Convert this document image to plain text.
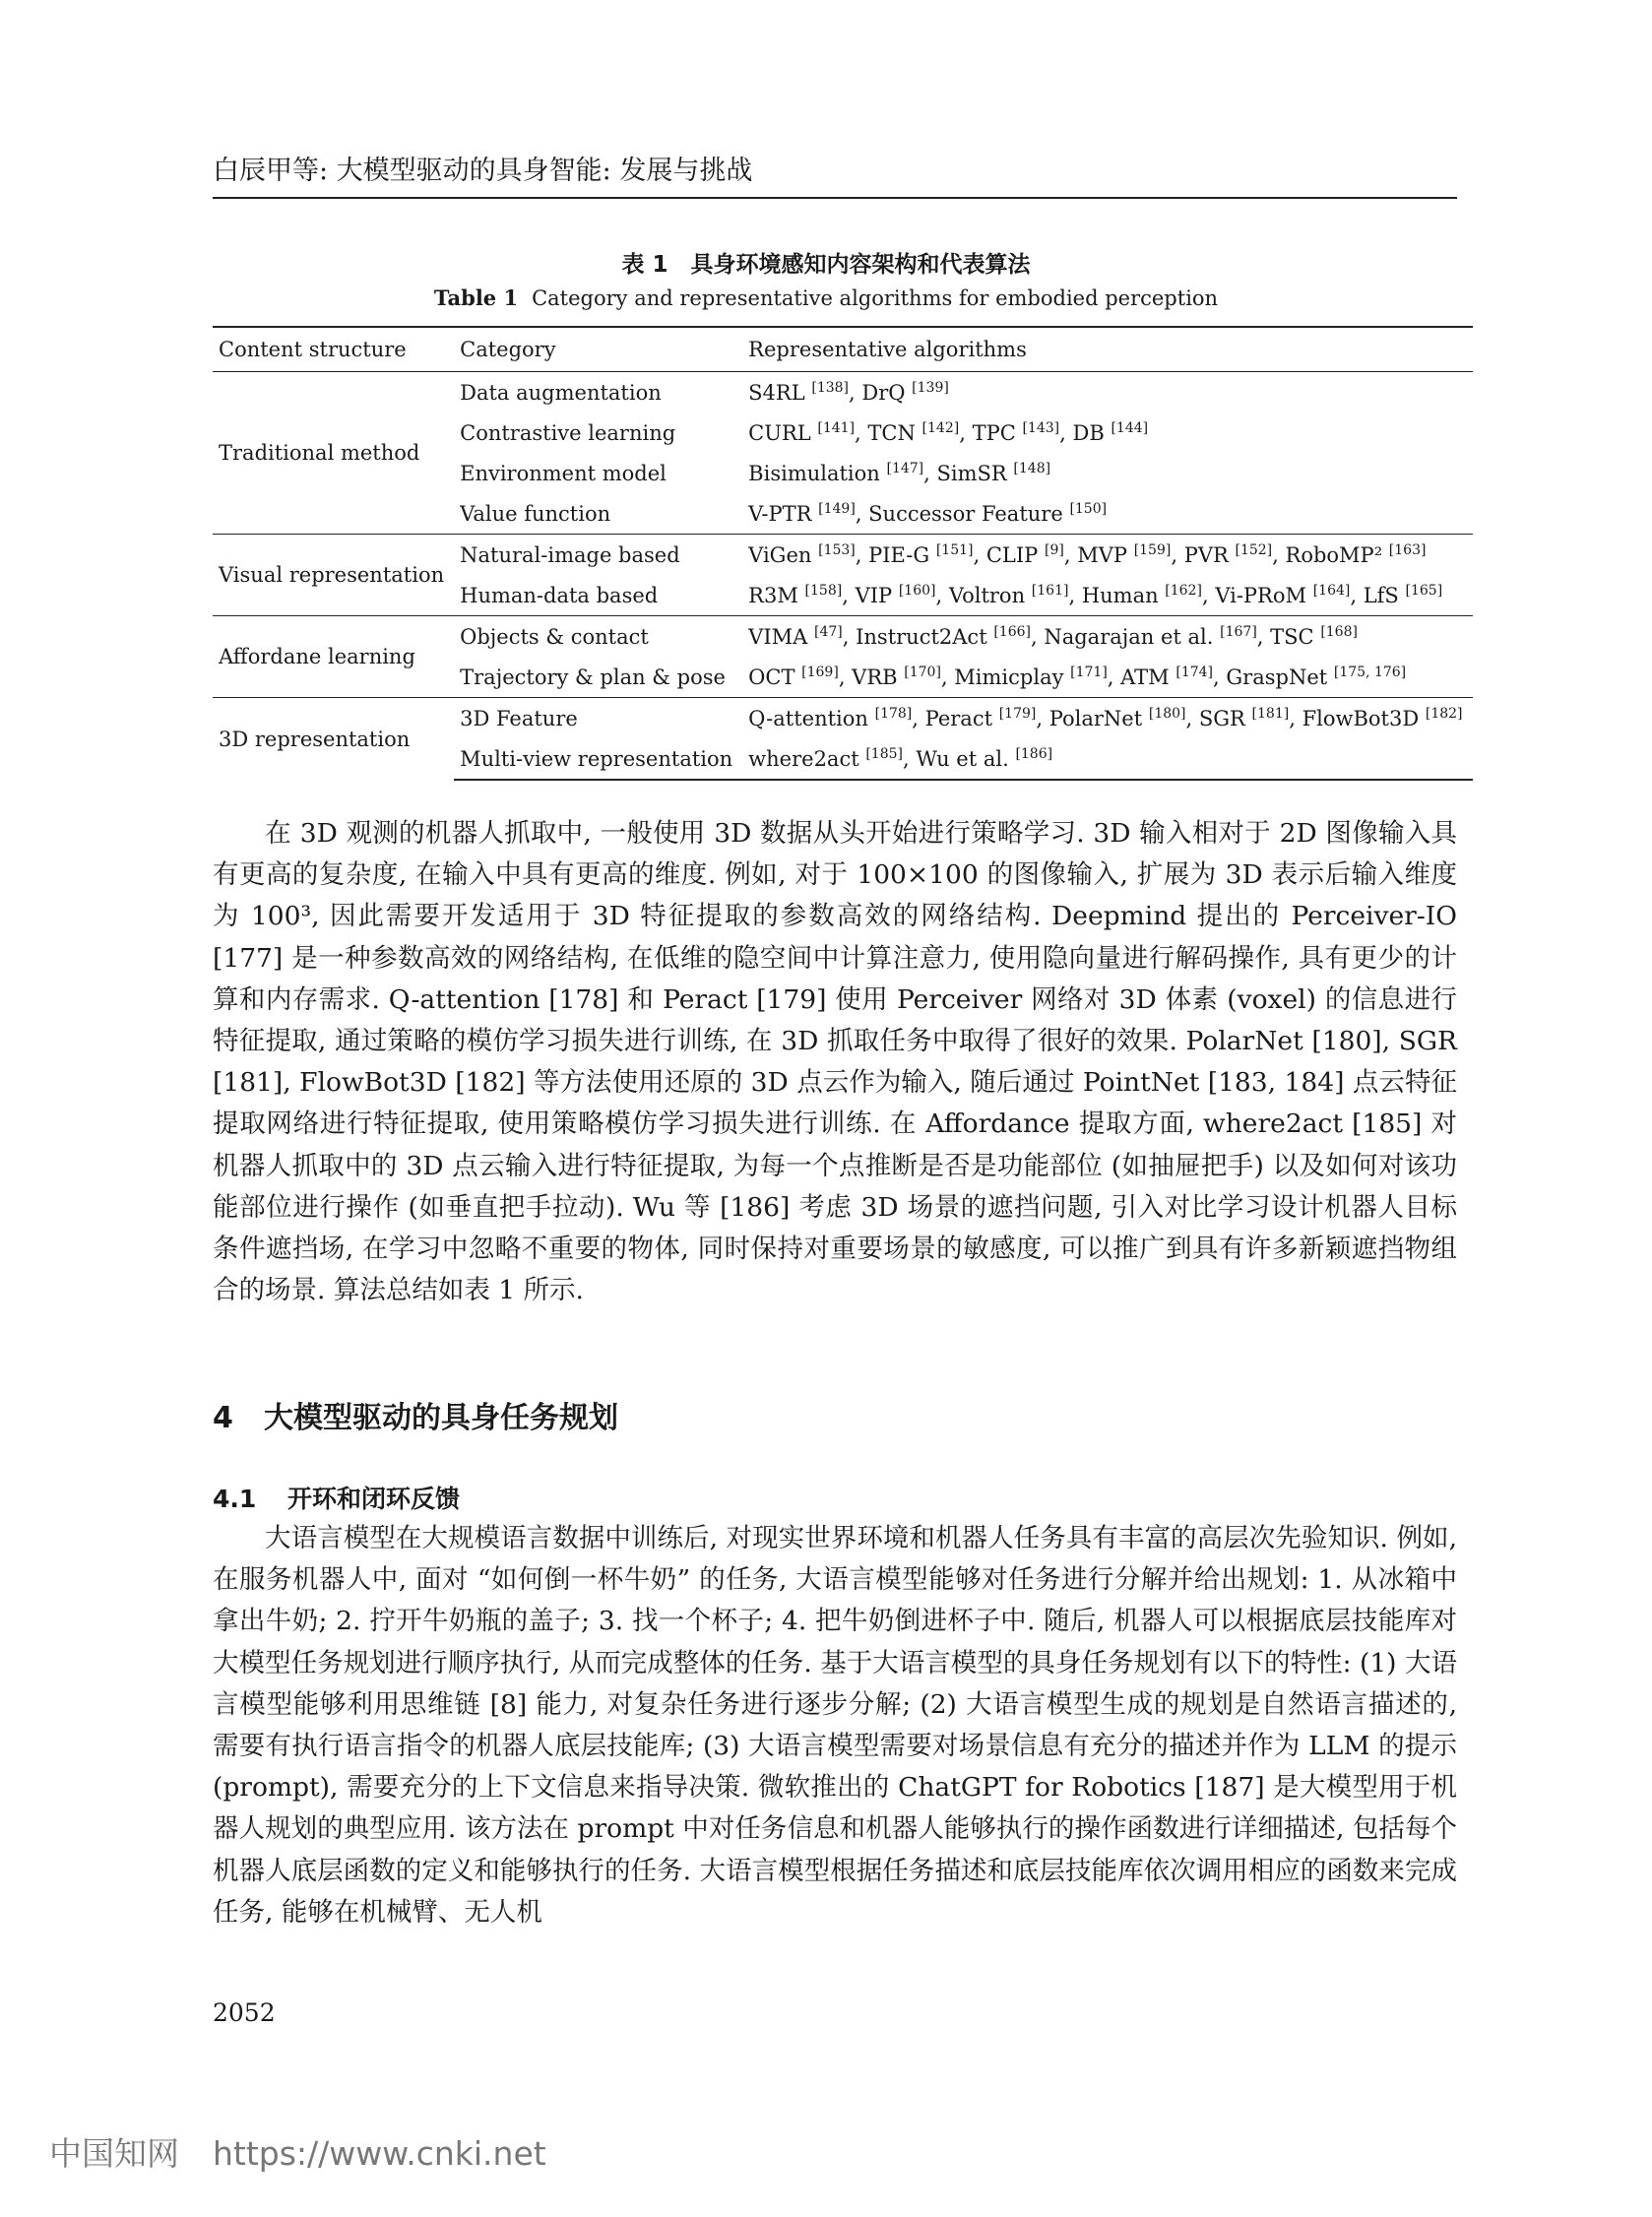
白辰甲等: 大模型驱动的具身智能: 发展与挑战
表 1　具身环境感知内容架构和代表算法
Table 1 Category and representative algorithms for embodied perception
Content structure	Category	Representative algorithms
Traditional method	Data augmentation	S4RL [138], DrQ [139]
	Contrastive learning	CURL [141], TCN [142], TPC [143], DB [144]
	Environment model	Bisimulation [147], SimSR [148]
	Value function	V-PTR [149], Successor Feature [150]
Visual representation	Natural-image based	ViGen [153], PIE-G [151], CLIP [9], MVP [159], PVR [152], RoboMP² [163]
	Human-data based	R3M [158], VIP [160], Voltron [161], Human [162], Vi-PRoM [164], LfS [165]
Affordane learning	Objects & contact	VIMA [47], Instruct2Act [166], Nagarajan et al. [167], TSC [168]
	Trajectory & plan & pose	OCT [169], VRB [170], Mimicplay [171], ATM [174], GraspNet [175, 176]
3D representation	3D Feature	Q-attention [178], Peract [179], PolarNet [180], SGR [181], FlowBot3D [182]
	Multi-view representation	where2act [185], Wu et al. [186]
在 3D 观测的机器人抓取中, 一般使用 3D 数据从头开始进行策略学习. 3D 输入相对于 2D 图像输入具有更高的复杂度, 在输入中具有更高的维度. 例如, 对于 100×100 的图像输入, 扩展为 3D 表示后输入维度为 100³, 因此需要开发适用于 3D 特征提取的参数高效的网络结构. Deepmind 提出的 Perceiver-IO [177] 是一种参数高效的网络结构, 在低维的隐空间中计算注意力, 使用隐向量进行解码操作, 具有更少的计算和内存需求. Q-attention [178] 和 Peract [179] 使用 Perceiver 网络对 3D 体素 (voxel) 的信息进行特征提取, 通过策略的模仿学习损失进行训练, 在 3D 抓取任务中取得了很好的效果. PolarNet [180], SGR [181], FlowBot3D [182] 等方法使用还原的 3D 点云作为输入, 随后通过 PointNet [183, 184] 点云特征提取网络进行特征提取, 使用策略模仿学习损失进行训练. 在 Affordance 提取方面, where2act [185] 对机器人抓取中的 3D 点云输入进行特征提取, 为每一个点推断是否是功能部位 (如抽屉把手) 以及如何对该功能部位进行操作 (如垂直把手拉动). Wu 等 [186] 考虑 3D 场景的遮挡问题, 引入对比学习设计机器人目标条件遮挡场, 在学习中忽略不重要的物体, 同时保持对重要场景的敏感度, 可以推广到具有许多新颖遮挡物组合的场景. 算法总结如表 1 所示.
4 大模型驱动的具身任务规划
4.1 开环和闭环反馈
大语言模型在大规模语言数据中训练后, 对现实世界环境和机器人任务具有丰富的高层次先验知识. 例如, 在服务机器人中, 面对 “如何倒一杯牛奶” 的任务, 大语言模型能够对任务进行分解并给出规划: 1. 从冰箱中拿出牛奶; 2. 拧开牛奶瓶的盖子; 3. 找一个杯子; 4. 把牛奶倒进杯子中. 随后, 机器人可以根据底层技能库对大模型任务规划进行顺序执行, 从而完成整体的任务. 基于大语言模型的具身任务规划有以下的特性: (1) 大语言模型能够利用思维链 [8] 能力, 对复杂任务进行逐步分解; (2) 大语言模型生成的规划是自然语言描述的, 需要有执行语言指令的机器人底层技能库; (3) 大语言模型需要对场景信息有充分的描述并作为 LLM 的提示 (prompt), 需要充分的上下文信息来指导决策. 微软推出的 ChatGPT for Robotics [187] 是大模型用于机器人规划的典型应用. 该方法在 prompt 中对任务信息和机器人能够执行的操作函数进行详细描述, 包括每个机器人底层函数的定义和能够执行的任务. 大语言模型根据任务描述和底层技能库依次调用相应的函数来完成任务, 能够在机械臂、无人机
2052
中国知网 https://www.cnki.net
